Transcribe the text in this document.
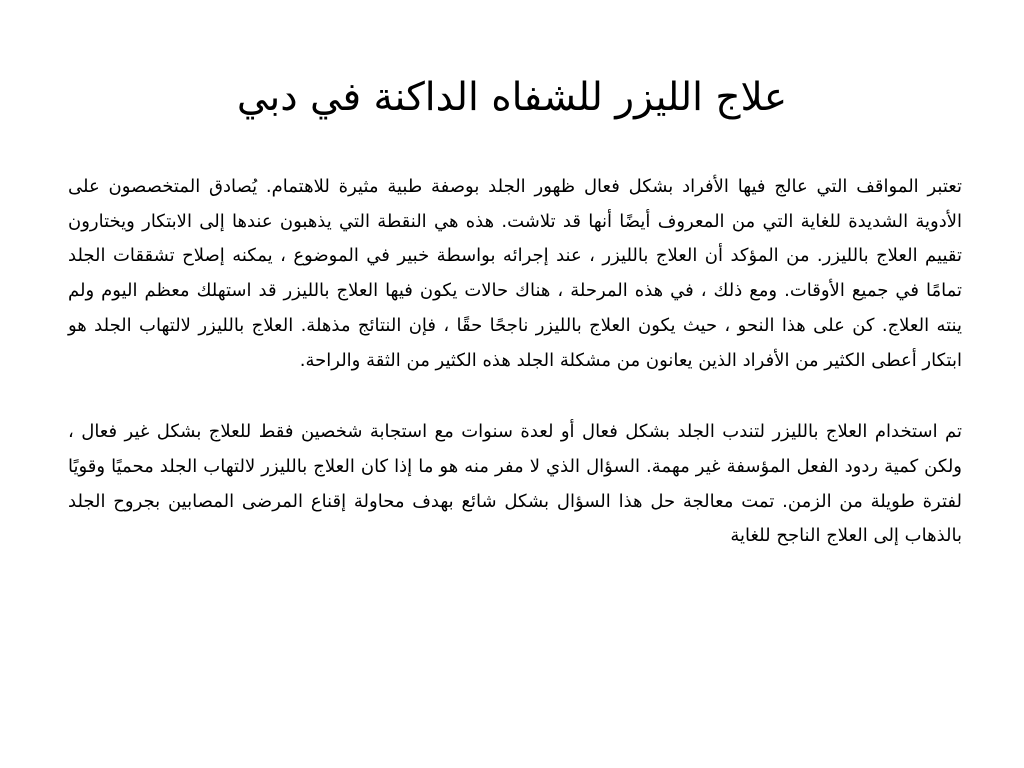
علاج الليزر للشفاه الداكنة في دبي

تعتبر المواقف التي عالج فيها الأفراد بشكل فعال ظهور الجلد بوصفة طبية مثيرة للاهتمام. يُصادق المتخصصون على الأدوية الشديدة للغاية التي من المعروف أيضًا أنها قد تلاشت. هذه هي النقطة التي يذهبون عندها إلى الابتكار ويختارون تقييم العلاج بالليزر. من المؤكد أن العلاج بالليزر ، عند إجرائه بواسطة خبير في الموضوع ، يمكنه إصلاح تشققات الجلد تمامًا في جميع الأوقات. ومع ذلك ، في هذه المرحلة ، هناك حالات يكون فيها العلاج بالليزر قد استهلك معظم اليوم ولم ينته العلاج. كن على هذا النحو ، حيث يكون العلاج بالليزر ناجحًا حقًا ، فإن النتائج مذهلة. العلاج بالليزر لالتهاب الجلد هو ابتكار أعطى الكثير من الأفراد الذين يعانون من مشكلة الجلد هذه الكثير من الثقة والراحة.

تم استخدام العلاج بالليزر لتندب الجلد بشكل فعال أو لعدة سنوات مع استجابة شخصين فقط للعلاج بشكل غير فعال ، ولكن كمية ردود الفعل المؤسفة غير مهمة. السؤال الذي لا مفر منه هو ما إذا كان العلاج بالليزر لالتهاب الجلد محميًا وقويًا لفترة طويلة من الزمن. تمت معالجة حل هذا السؤال بشكل شائع بهدف محاولة إقناع المرضى المصابين بجروح الجلد بالذهاب إلى العلاج الناجح للغاية
